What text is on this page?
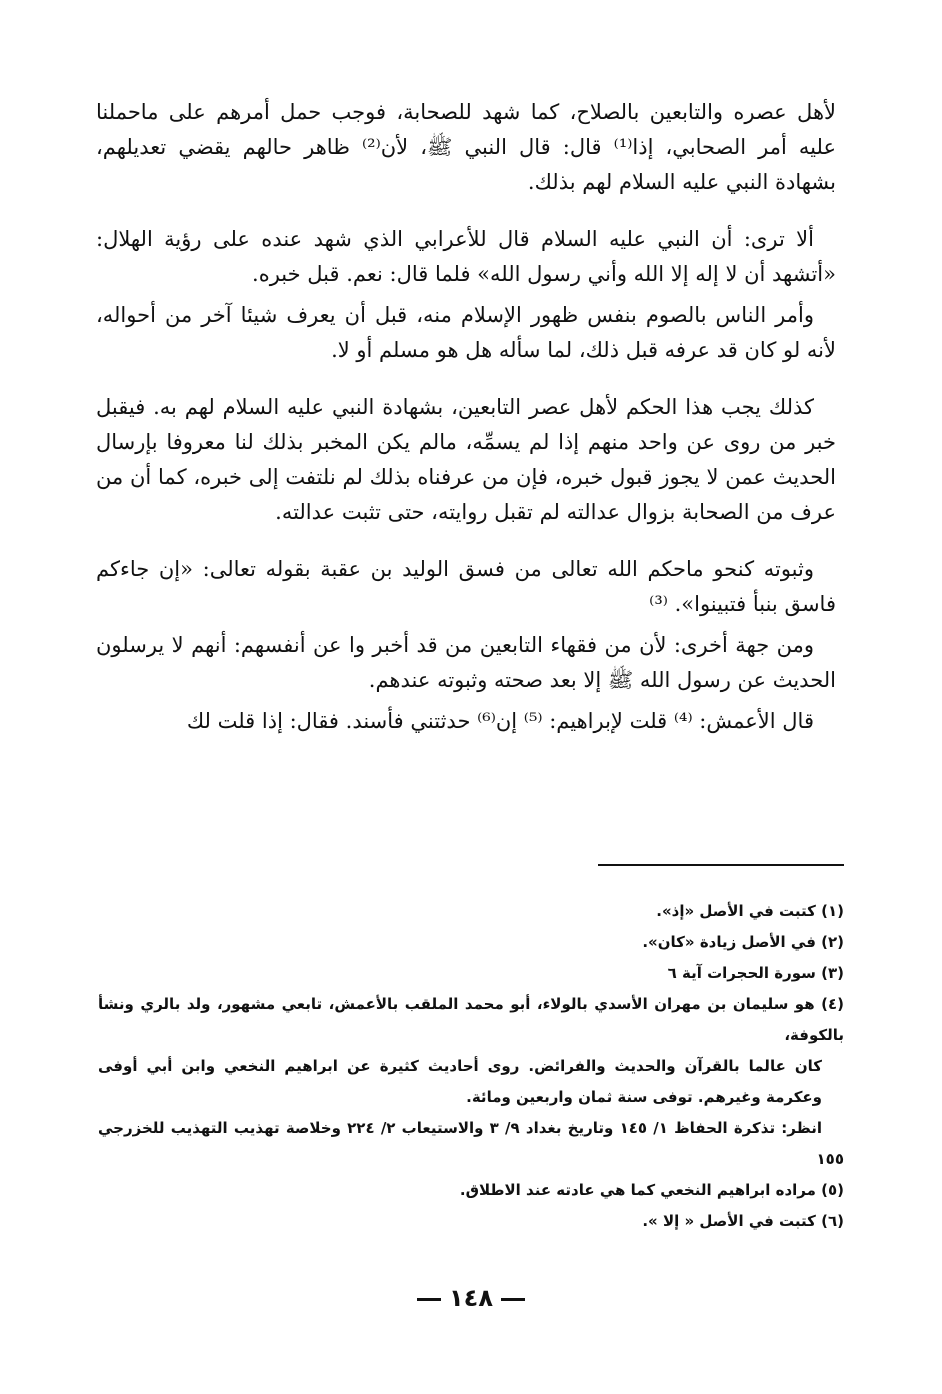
لأهل عصره والتابعين بالصلاح، كما شهد للصحابة، فوجب حمل أمرهم على ماحملنا عليه أمر الصحابي، إذا⁽¹⁾ قال: قال النبي ﷺ، لأن⁽²⁾ ظاهر حالهم يقضي تعديلهم، بشهادة النبي عليه السلام لهم بذلك.

ألا ترى: أن النبي عليه السلام قال للأعرابي الذي شهد عنده على رؤية الهلال: «أتشهد أن لا إله إلا الله وأني رسول الله» فلما قال: نعم. قبل خبره.

وأمر الناس بالصوم بنفس ظهور الإسلام منه، قبل أن يعرف شيئا آخر من أحواله، لأنه لو كان قد عرفه قبل ذلك، لما سأله هل هو مسلم أو لا.

كذلك يجب هذا الحكم لأهل عصر التابعين، بشهادة النبي عليه السلام لهم به. فيقبل خبر من روى عن واحد منهم إذا لم يسمِّه، مالم يكن المخبر بذلك لنا معروفا بإرسال الحديث عمن لا يجوز قبول خبره، فإن من عرفناه بذلك لم نلتفت إلى خبره، كما أن من عرف من الصحابة بزوال عدالته لم تقبل روايته، حتى تثبت عدالته.

وثبوته كنحو ماحكم الله تعالى من فسق الوليد بن عقبة بقوله تعالى: «إن جاءكم فاسق بنبأ فتبينوا». ⁽³⁾

ومن جهة أخرى: لأن من فقهاء التابعين من قد أخبر وا عن أنفسهم: أنهم لا يرسلون الحديث عن رسول الله ﷺ إلا بعد صحته وثبوته عندهم.

قال الأعمش: ⁽⁴⁾ قلت لإبراهيم: ⁽⁵⁾ إن⁽⁶⁾ حدثتني فأسند. فقال: إذا قلت لك

(١) كتبت في الأصل «إذ».

(٢) في الأصل زيادة «كان».

(٣) سورة الحجرات آية ٦

(٤) هو سليمان بن مهران الأسدي بالولاء، أبو محمد الملقب بالأعمش، تابعي مشهور، ولد بالري ونشأ بالكوفة،

كان عالما بالقرآن والحديث والفرائض. روى أحاديث كثيرة عن ابراهيم النخعي وابن أبي أوفى وعكرمة وغيرهم. توفى سنة ثمان واربعين ومائة.

انظر: تذكرة الحفاظ ١/ ١٤٥ وتاريخ بغداد ٩/ ٣ والاستيعاب ٢/ ٢٢٤ وخلاصة تهذيب التهذيب للخزرجي ١٥٥

(٥) مراده ابراهيم النخعي كما هي عادته عند الاطلاق.

(٦) كتبت في الأصل « إلا ».

١٤٨
